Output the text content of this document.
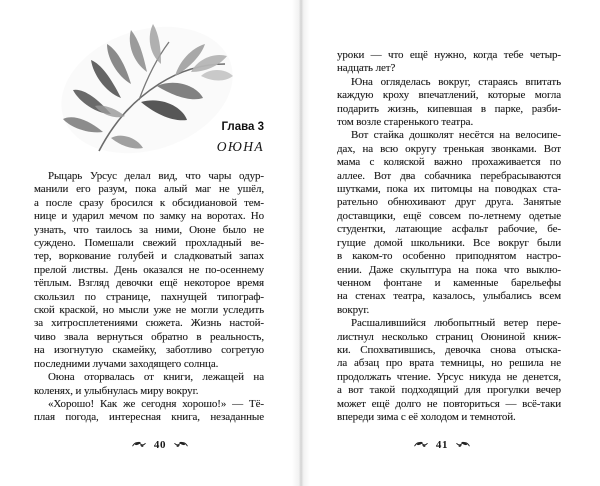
Глава 3
ОЮНА
Рыцарь Урсус делал вид, что чары одур-
манили его разум, пока алый маг не ушёл,
а после сразу бросился к обсидиановой тем-
нице и ударил мечом по замку на воротах. Но
узнать, что таилось за ними, Оюне было не
суждено. Помешали свежий прохладный ве-
тер, воркование голубей и сладковатый запах
прелой листвы. День оказался не по-осеннему
тёплым. Взгляд девочки ещё некоторое время
скользил по странице, пахнущей типограф-
ской краской, но мысли уже не могли уследить
за хитросплетениями сюжета. Жизнь настой-
чиво звала вернуться обратно в реальность,
на изогнутую скамейку, заботливо согретую
последними лучами заходящего солнца.
Оюна оторвалась от книги, лежащей на
коленях, и улыбнулась миру вокруг.
«Хорошо! Как же сегодня хорошо!» — Тё-
плая погода, интересная книга, незаданные
40
уроки — что ещё нужно, когда тебе четыр-
надцать лет?
Юна огляделась вокруг, стараясь впитать
каждую кроху впечатлений, которые могла
подарить жизнь, кипевшая в парке, разби-
том возле старенького театра.
Вот стайка дошколят несётся на велосипе-
дах, на всю округу тренькая звонками. Вот
мама с коляской важно прохаживается по
аллее. Вот два собачника перебрасываются
шутками, пока их питомцы на поводках ста-
рательно обнюхивают друг друга. Занятые
доставщики, ещё совсем по-летнему одетые
студентки, латающие асфальт рабочие, бе-
гущие домой школьники. Все вокруг были
в каком-то особенно приподнятом настро-
ении. Даже скульптура на пока что выклю-
ченном фонтане и каменные барельефы
на стенах театра, казалось, улыбались всем
вокруг.
Расшалившийся любопытный ветер пере-
листнул несколько страниц Оюниной книж-
ки. Спохватившись, девочка снова отыска-
ла абзац про врата темницы, но решила не
продолжать чтение. Урсус никуда не денется,
а вот такой подходящий для прогулки вечер
может ещё долго не повториться — всё-таки
впереди зима с её холодом и темнотой.
41
